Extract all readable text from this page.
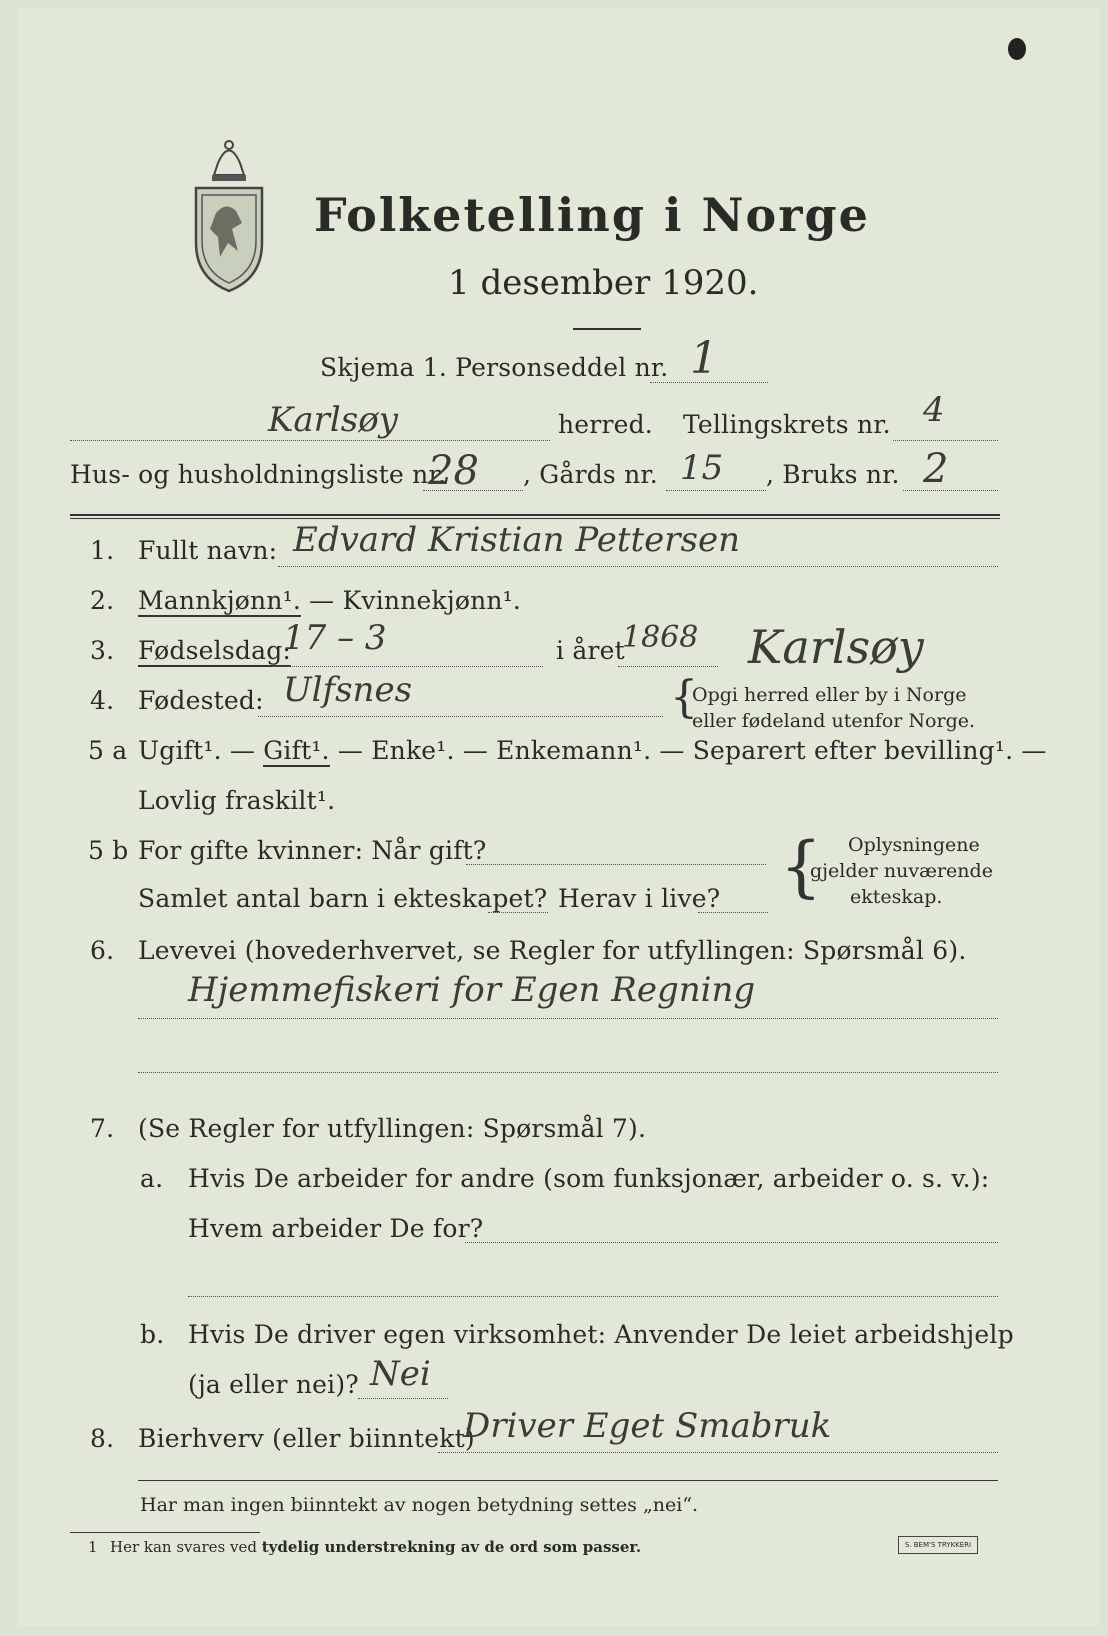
Folketelling i Norge
1 desember 1920.
Skjema 1. Personseddel nr. 1
Karlsøy	herred. Tellingskrets nr. 4
Hus- og husholdningsliste nr.
28 , Gårds nr. 15 , Bruks nr. 2
1. Fullt navn: Edvard Kristian Pettersen
2. Mannkjønn¹. — Kvinnekjønn¹.
3. Fødselsdag:
17 – 3	i året
1868 Karlsøy
4. Fødested: Ulfsnes	{
Opgi herred eller by i Norge
eller fødeland utenfor Norge.
5 a Ugift¹. — Gift¹. — Enke¹. — Enkemann¹. — Separert efter bevilling¹. —
Lovlig fraskilt¹.
5 b For gifte kvinner: Når gift?
Samlet antal barn i ekteskapet? Herav i live? { Oplysningene
gjelder nuværende
ekteskap.
6. Levevei (hovederhvervet, se Regler for utfyllingen: Spørsmål 6).
Hjemmefiskeri for Egen Regning
7. (Se Regler for utfyllingen: Spørsmål 7).
a. Hvis De arbeider for andre (som funksjonær, arbeider o. s. v.):
Hvem arbeider De for?
b. Hvis De driver egen virksomhet: Anvender De leiet arbeidshjelp
(ja eller nei)? Nei
8. Bierhverv (eller biinntekt)
Driver Eget Smabruk
Har man ingen biinntekt av nogen betydning settes „nei“.
1 Her kan svares ved tydelig understrekning av de ord som passer.	S. BEM'S TRYKKERI
